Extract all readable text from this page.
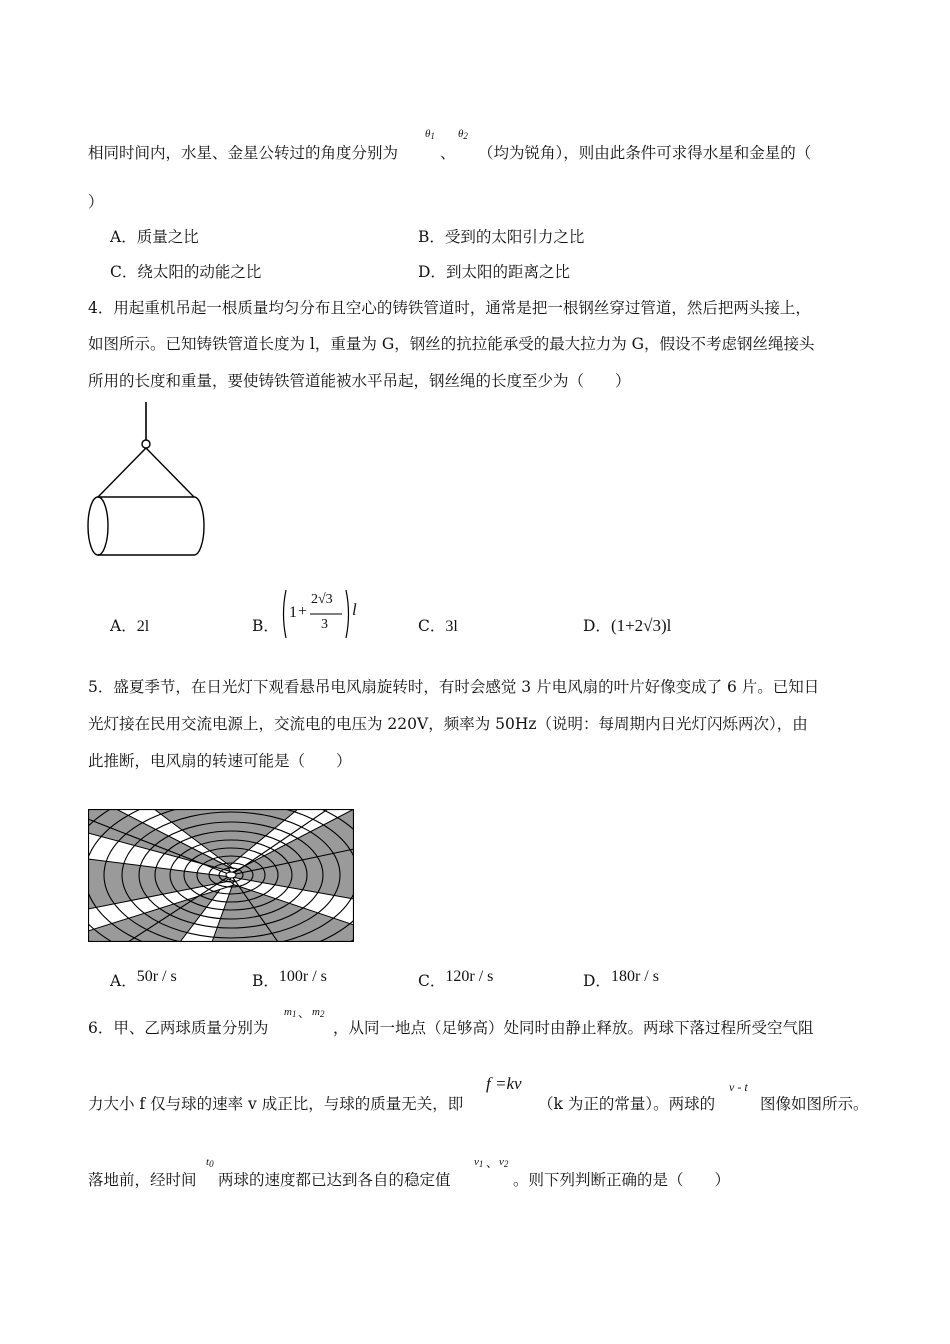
相同时间内，水星、金星公转过的角度分别为
$\theta_1$
、
$\theta_2$
（均为锐角），则由此条件可求得水星和金星的（
）
A．质量之比	B．受到的太阳引力之比
C．绕太阳的动能之比	D．到太阳的距离之比
4．用起重机吊起一根质量均匀分布且空心的铸铁管道时，通常是把一根钢丝穿过管道，然后把两头接上，
如图所示。已知铸铁管道长度为 l，重量为 G，钢丝的抗拉能承受的最大拉力为 G，假设不考虑钢丝绳接头
所用的长度和重量，要使铸铁管道能被水平吊起，钢丝绳的长度至少为（　　）
A．2l	B．
1 +
2√3
3
l
C．3l	D．(1+2√3)l
5．盛夏季节，在日光灯下观看悬吊电风扇旋转时，有时会感觉 3 片电风扇的叶片好像变成了 6 片。已知日
光灯接在民用交流电源上，交流电的电压为 220V，频率为 50Hz（说明：每周期内日光灯闪烁两次），由
此推断，电风扇的转速可能是（　　）
A．50r / s	B．100r / s	C．120r / s	D．180r / s
6．甲、乙两球质量分别为
$m_1$ 、 $m_2$
，从同一地点（足够高）处同时由静止释放。两球下落过程所受空气阻
力大小 f 仅与球的速率 v 成正比，与球的质量无关，即
f =kv
（k 为正的常量）。两球的
v - t
图像如图所示。
落地前，经时间
$t_0$
两球的速度都已达到各自的稳定值
$v_1$ 、 $v_2$
。则下列判断正确的是（　　）
